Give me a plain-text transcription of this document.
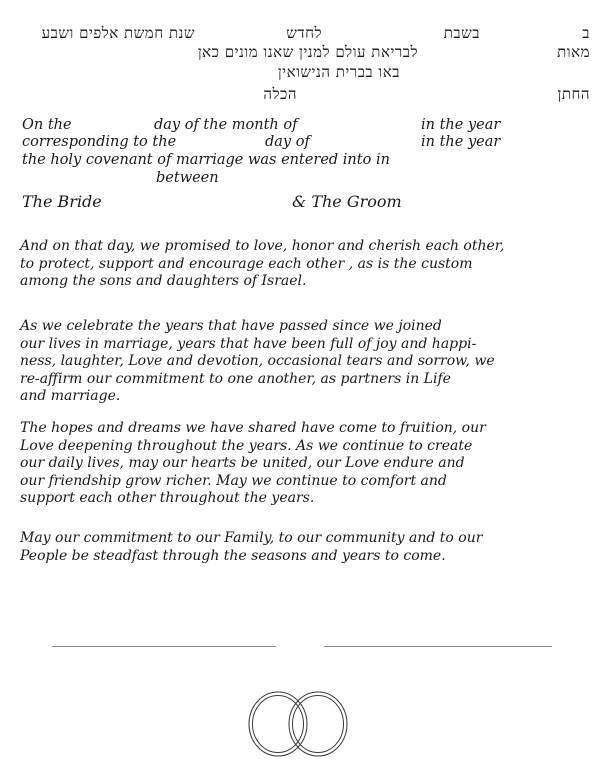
ב
בשבת
לחדש
שנת חמשת אלפים ושבע
מאות
לבריאת עולם למנין שאנו מונים כאן
באו בברית הנישואין
החתן
הכלה
On the	day of the month of	in the year
corresponding to the	day of	in the year
the holy covenant of marriage was entered into in
between
The Bride	& The Groom
And on that day, we promised to love, honor and cherish each other,
to protect, support and encourage each other , as is the custom
among the sons and daughters of Israel.
As we celebrate the years that have passed since we joined
our lives in marriage, years that have been full of joy and happi-
ness, laughter, Love and devotion, occasional tears and sorrow, we
re-affirm our commitment to one another, as partners in Life
and marriage.
The hopes and dreams we have shared have come to fruition, our
Love deepening throughout the years. As we continue to create
our daily lives, may our hearts be united, our Love endure and
our friendship grow richer. May we continue to comfort and
support each other throughout the years.
May our commitment to our Family, to our community and to our
People be steadfast through the seasons and years to come.
